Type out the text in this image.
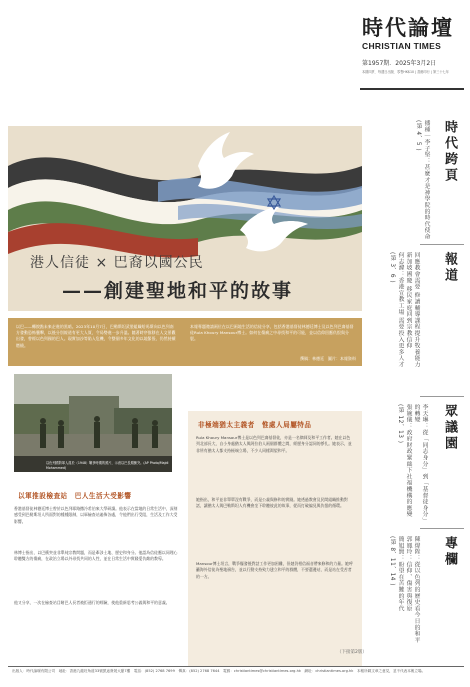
時代論壇
CHRISTIAN TIMES
第1957期．2025年3月2日
本期四頁．每週日出版．零售HK$10 | 香港印行 | 第三十七年
時代跨頁
播種｜李子堅：甚麼才是神學院的時代使命
(第 4、5 )
報道
回應教會需要 修讀輔導課程提升牧養能力
新加坡國慶 移民家庭回到宗教信仰
何志滌：香港宣教工場 需要投入更多人才
(第 3、6 )
眾議園
李天琳：從「同志身分」到「基督徒身分」的轉變
張婉儀：政府財政緊絀下社福機構的應變
(第 12、13 )
專欄
陳煒陞：從以色列的歷史看今日的和平
郭鳳玲：信仰、傷害與復原
簡旭賢：盼望在苦難的年代
(第 8、11、14 )
港人信徒 × 巴裔以國公民
——創建聖地和平的故事
以巴——轉捩點未來走進的黑暗。2023年10月7日，巴勒斯坦武裝組織哈馬斯向以色列南方發動恐怖襲擊，以後分別報道有更大人質，令局勢進一步升溫。隨著時序推移在人文景觀出發，曾經以色列國的巴人。現實加沙等陷入危機，令整個多年文化的以地緊張，仍然持續燃燒。
本報專題邀請兩位在以巴兩地生活的信徒分享，包括香港基督徒林德廷博士及以色列巴裔基督徒Rula Khoury Mansour博士。如何在傷痛之中尋找和平的可能，並以信仰回應仇恨與分裂。
撰稿：林德廷　圖片：本報資料
以色列國防軍人員於（1948）戰爭時期的照片，示意以巴長期衝突。(AP Photo/Majdi Mohammed)
以軍推設檢查站　巴人生活大受影響
香港基督徒林德廷博士曾於以色列耶路撒冷希伯來大學研讀。他表示在當地的日常生活中，深刻感受到巴勒斯坦人所面對的種種限制，以軍檢查站遍佈各處，令他們出行受阻，生活及工作大受影響。
林博士指出，以巴衝突並非單純宗教問題，而是牽涉土地、歷史和身分。他認為信徒應以同理心聆聽雙方的傷痛，在政治立場以外尋找共同的人性，並在日常生活中實踐愛仇敵的教導。
他又分享，一次在檢查站目睹巴人長者被拒通行的經驗，使他重新思考公義與和平的意義。
非極端猶太主義者　惟處人局屬特品
Rula Khoury Mansour博士是以色列巴裔基督徒，亦是一名律師及和平工作者。她在以色列北部長大，自小身處猶太人與阿拉伯人兩個群體之間，經歷身分認同的掙扎。她表示，並非所有猶太人都支持極端立場，不少人同樣渴望和平。
她指出，和平並非單單沒有戰爭，而是公義與修和的實踐。她透過教會及民間組織推動對話，讓猶太人與巴勒斯坦人有機會坐下聆聽彼此的故事，從而打破偏見與仇恨的循環。
Mansour博士坦言，戰爭爆發後對話工作更加困難，但她仍相信福音帶來修和的力量。她呼籲海外信徒為聖地禱告，並以行動支持致力建立和平的群體，不要選邊站，而是站在受苦者的一方。
（下接第2版）
出版人：時代論壇有限公司　地址：香港九龍旺角道33號凱途發展大廈7樓　電話：(852) 2768 7699　傳真：(852) 2768 7644　電郵：christiantimes@christiantimes.org.hk　網址：christiantimes.org.hk　本報所載文章之意見，並不代表本報立場。
